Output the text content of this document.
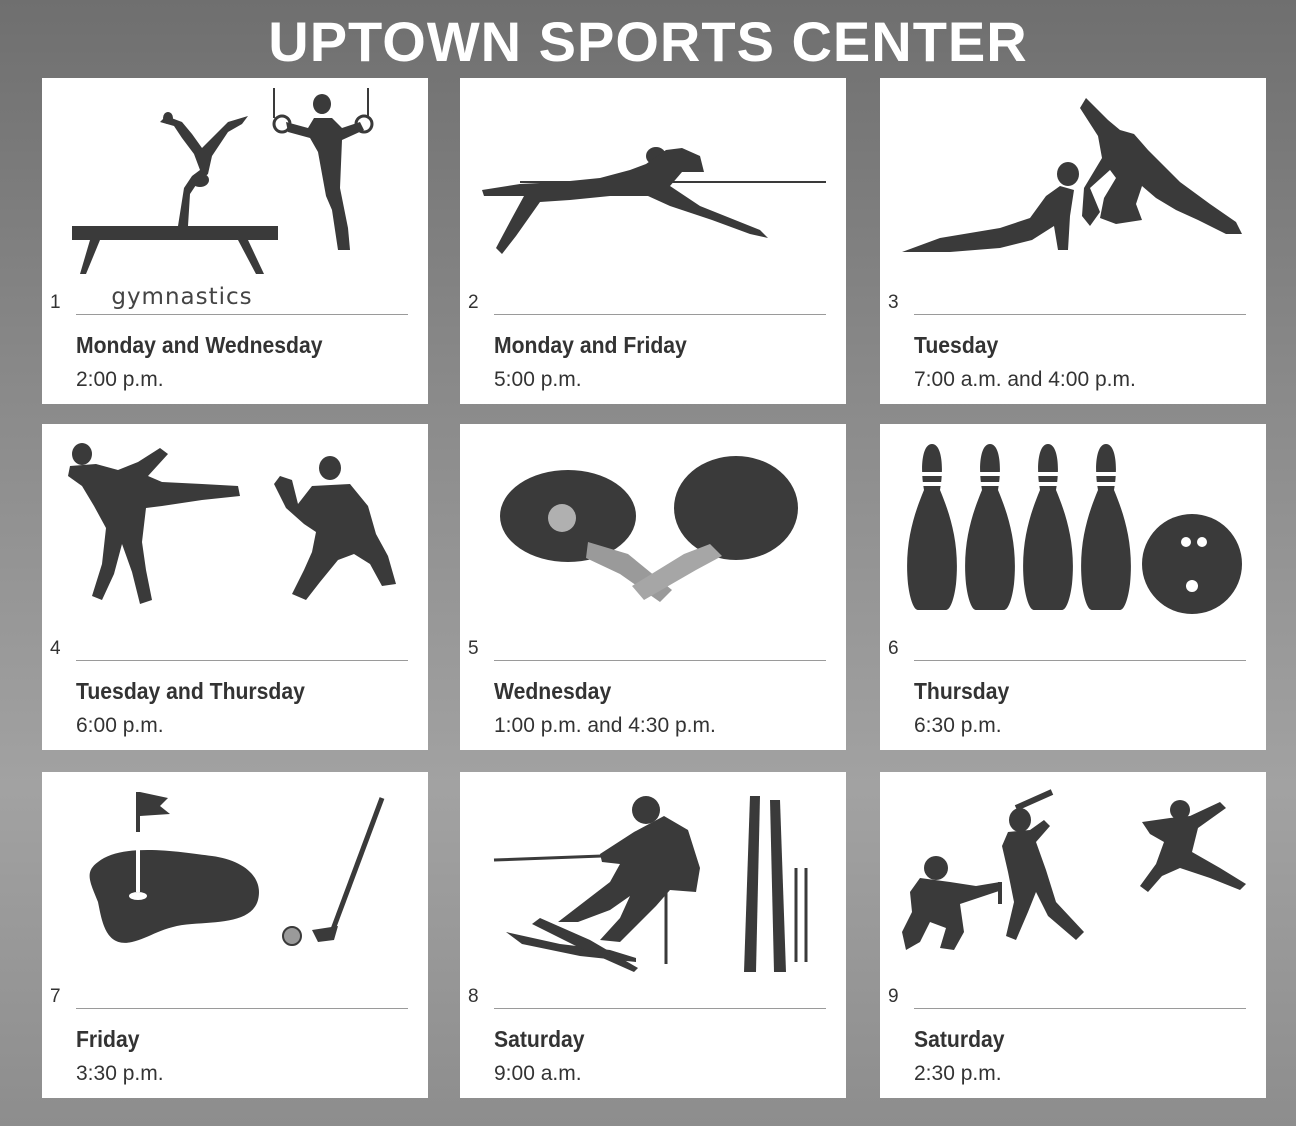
UPTOWN SPORTS CENTER
1	gymnastics
Monday and Wednesday
2:00 p.m.
2
Monday and Friday
5:00 p.m.
3
Tuesday
7:00 a.m. and 4:00 p.m.
4
Tuesday and Thursday
6:00 p.m.
5
Wednesday
1:00 p.m. and 4:30 p.m.
6
Thursday
6:30 p.m.
7
Friday
3:30 p.m.
8
Saturday
9:00 a.m.
9
Saturday
2:30 p.m.
